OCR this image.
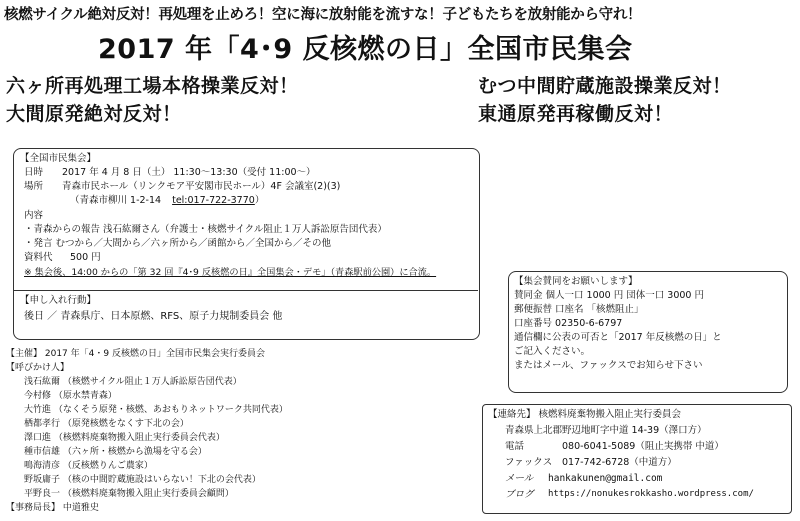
核燃サイクル絶対反対！再処理を止めろ！空に海に放射能を流すな！子どもたちを放射能から守れ！
2017 年「4･9 反核燃の日」全国市民集会
六ヶ所再処理工場本格操業反対！
大間原発絶対反対！
むつ中間貯蔵施設操業反対！
東通原発再稼働反対！
【全国市民集会】
日時 2017 年 4 月 8 日（土） 11:30～13:30（受付 11:00～）
場所 青森市民ホール（リンクモア平安閣市民ホール）4F 会議室(2)(3)
（青森市柳川 1-2-14 tel:017-722-3770）
内容
・青森からの報告 浅石紘爾さん（弁護士・核燃サイクル阻止１万人訴訟原告団代表）
・発言 むつから／大間から／六ヶ所から／函館から／全国から／その他
資料代 500 円
※ 集会後、14:00 からの「第 32 回『4･9 反核燃の日』全国集会・デモ」（青森駅前公園）に合流。
【申し入れ行動】
後日 ／ 青森県庁、日本原燃、RFS、原子力規制委員会 他
【集会賛同をお願いします】
賛同金 個人一口 1000 円 団体一口 3000 円
郵便振替 口座名 「核燃阻止」
口座番号 02350-6-6797
通信欄に公表の可否と「2017 年反核燃の日」と
ご記入ください。
またはメール、ファックスでお知らせ下さい
【主催】 2017 年「4・9 反核燃の日」全国市民集会実行委員会
【呼びかけ人】
浅石紘爾 （核燃サイクル阻止１万人訴訟原告団代表）
今村修 （原水禁青森）
大竹進 （なくそう原発・核燃、あおもりネットワーク共同代表）
栖都孝行 （原発核燃をなくす下北の会）
澤口進 （核燃料廃棄物搬入阻止実行委員会代表）
種市信雄 （六ヶ所・核燃から漁場を守る会）
鳴海清彦 （反核燃りんご農家）
野坂庸子 （核の中間貯蔵施設はいらない！下北の会代表）
平野良一 （核燃料廃棄物搬入阻止実行委員会顧問）
【事務局長】 中道雅史
【連絡先】 核燃料廃棄物搬入阻止実行委員会
青森県上北郡野辺地町字中道 14-39（澤口方）
電話	080-6041-5089（阻止実携帯 中道）
ファックス 017-742-6728（中道方）
メール hankakunen@gmail.com
ブログ https://nonukesrokkasho.wordpress.com/
